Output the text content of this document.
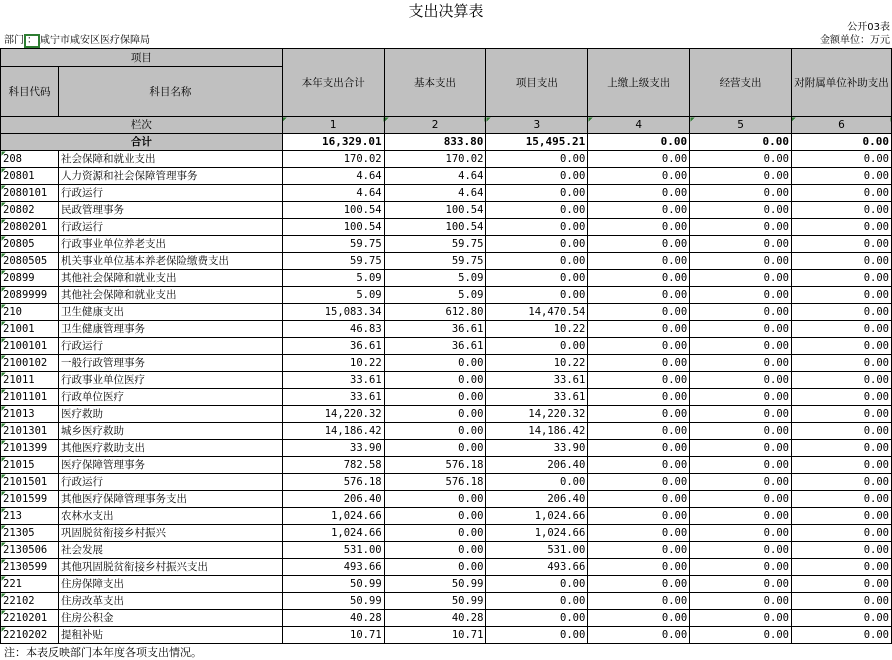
支出决算表
公开03表
部门 ： 咸宁市咸安区医疗保障局	金额单位：万元
项目		本年支出合计	基本支出	项目支出	上缴上级支出	经营支出	对附属单位补助支出
科目代码	科目名称						
栏次		1	2	3	4	5	6
合计		16,329.01	833.80	15,495.21	0.00	0.00	0.00
208	社会保障和就业支出	170.02	170.02	0.00	0.00	0.00	0.00
20801	人力资源和社会保障管理事务	4.64	4.64	0.00	0.00	0.00	0.00
2080101	行政运行	4.64	4.64	0.00	0.00	0.00	0.00
20802	民政管理事务	100.54	100.54	0.00	0.00	0.00	0.00
2080201	行政运行	100.54	100.54	0.00	0.00	0.00	0.00
20805	行政事业单位养老支出	59.75	59.75	0.00	0.00	0.00	0.00
2080505	机关事业单位基本养老保险缴费支出	59.75	59.75	0.00	0.00	0.00	0.00
20899	其他社会保障和就业支出	5.09	5.09	0.00	0.00	0.00	0.00
2089999	其他社会保障和就业支出	5.09	5.09	0.00	0.00	0.00	0.00
210	卫生健康支出	15,083.34	612.80	14,470.54	0.00	0.00	0.00
21001	卫生健康管理事务	46.83	36.61	10.22	0.00	0.00	0.00
2100101	行政运行	36.61	36.61	0.00	0.00	0.00	0.00
2100102	一般行政管理事务	10.22	0.00	10.22	0.00	0.00	0.00
21011	行政事业单位医疗	33.61	0.00	33.61	0.00	0.00	0.00
2101101	行政单位医疗	33.61	0.00	33.61	0.00	0.00	0.00
21013	医疗救助	14,220.32	0.00	14,220.32	0.00	0.00	0.00
2101301	城乡医疗救助	14,186.42	0.00	14,186.42	0.00	0.00	0.00
2101399	其他医疗救助支出	33.90	0.00	33.90	0.00	0.00	0.00
21015	医疗保障管理事务	782.58	576.18	206.40	0.00	0.00	0.00
2101501	行政运行	576.18	576.18	0.00	0.00	0.00	0.00
2101599	其他医疗保障管理事务支出	206.40	0.00	206.40	0.00	0.00	0.00
213	农林水支出	1,024.66	0.00	1,024.66	0.00	0.00	0.00
21305	巩固脱贫衔接乡村振兴	1,024.66	0.00	1,024.66	0.00	0.00	0.00
2130506	社会发展	531.00	0.00	531.00	0.00	0.00	0.00
2130599	其他巩固脱贫衔接乡村振兴支出	493.66	0.00	493.66	0.00	0.00	0.00
221	住房保障支出	50.99	50.99	0.00	0.00	0.00	0.00
22102	住房改革支出	50.99	50.99	0.00	0.00	0.00	0.00
2210201	住房公积金	40.28	40.28	0.00	0.00	0.00	0.00
2210202	提租补贴	10.71	10.71	0.00	0.00	0.00	0.00
注：本表反映部门本年度各项支出情况。
